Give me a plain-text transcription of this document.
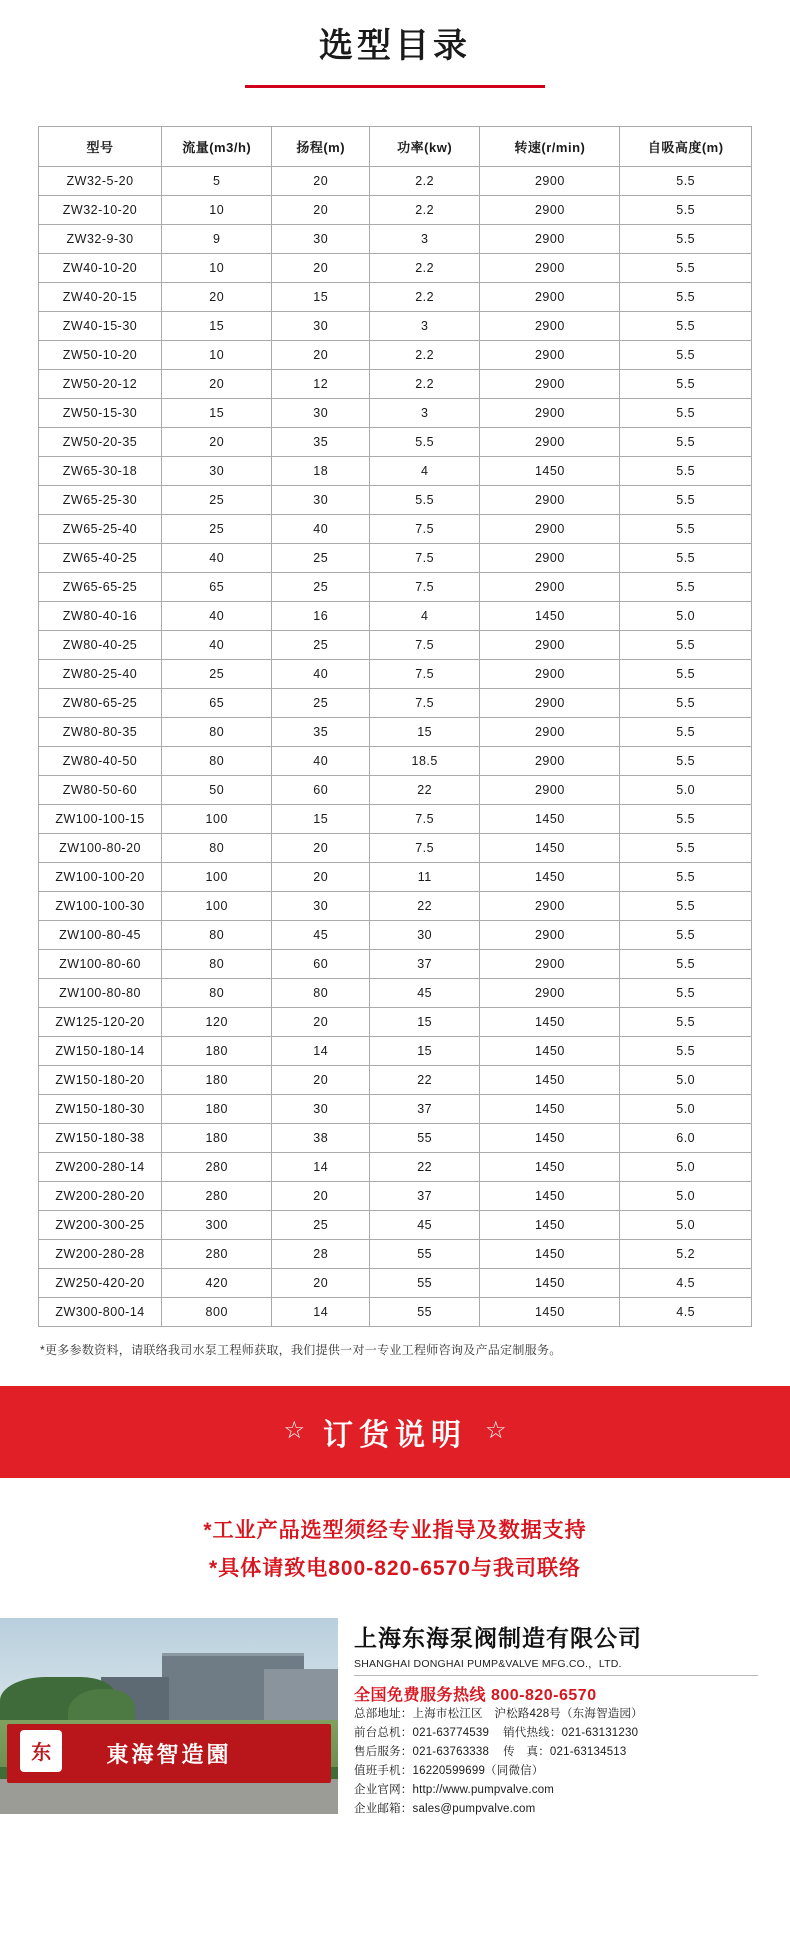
选型目录
型号	流量(m3/h)	扬程(m)	功率(kw)	转速(r/min)	自吸高度(m)
ZW32-5-20	5	20	2.2	2900	5.5
ZW32-10-20	10	20	2.2	2900	5.5
ZW32-9-30	9	30	3	2900	5.5
ZW40-10-20	10	20	2.2	2900	5.5
ZW40-20-15	20	15	2.2	2900	5.5
ZW40-15-30	15	30	3	2900	5.5
ZW50-10-20	10	20	2.2	2900	5.5
ZW50-20-12	20	12	2.2	2900	5.5
ZW50-15-30	15	30	3	2900	5.5
ZW50-20-35	20	35	5.5	2900	5.5
ZW65-30-18	30	18	4	1450	5.5
ZW65-25-30	25	30	5.5	2900	5.5
ZW65-25-40	25	40	7.5	2900	5.5
ZW65-40-25	40	25	7.5	2900	5.5
ZW65-65-25	65	25	7.5	2900	5.5
ZW80-40-16	40	16	4	1450	5.0
ZW80-40-25	40	25	7.5	2900	5.5
ZW80-25-40	25	40	7.5	2900	5.5
ZW80-65-25	65	25	7.5	2900	5.5
ZW80-80-35	80	35	15	2900	5.5
ZW80-40-50	80	40	18.5	2900	5.5
ZW80-50-60	50	60	22	2900	5.0
ZW100-100-15	100	15	7.5	1450	5.5
ZW100-80-20	80	20	7.5	1450	5.5
ZW100-100-20	100	20	11	1450	5.5
ZW100-100-30	100	30	22	2900	5.5
ZW100-80-45	80	45	30	2900	5.5
ZW100-80-60	80	60	37	2900	5.5
ZW100-80-80	80	80	45	2900	5.5
ZW125-120-20	120	20	15	1450	5.5
ZW150-180-14	180	14	15	1450	5.5
ZW150-180-20	180	20	22	1450	5.0
ZW150-180-30	180	30	37	1450	5.0
ZW150-180-38	180	38	55	1450	6.0
ZW200-280-14	280	14	22	1450	5.0
ZW200-280-20	280	20	37	1450	5.0
ZW200-300-25	300	25	45	1450	5.0
ZW200-280-28	280	28	55	1450	5.2
ZW250-420-20	420	20	55	1450	4.5
ZW300-800-14	800	14	55	1450	4.5
*更多参数资料，请联络我司水泵工程师获取，我们提供一对一专业工程师咨询及产品定制服务。
☆ 订货说明 ☆
*工业产品选型须经专业指导及数据支持
*具体请致电800-820-6570与我司联络
東海智造園
东
上海东海泵阀制造有限公司
SHANGHAI DONGHAI PUMP&VALVE MFG.CO.，LTD.
全国免费服务热线 800-820-6570
总部地址：上海市松江区　沪松路428号（东海智造园）
前台总机：021-63774539 销代热线：021-63131230
售后服务：021-63763338 传　真：021-63134513
值班手机：16220599699（同微信）
企业官网：http://www.pumpvalve.com
企业邮箱：sales@pumpvalve.com
